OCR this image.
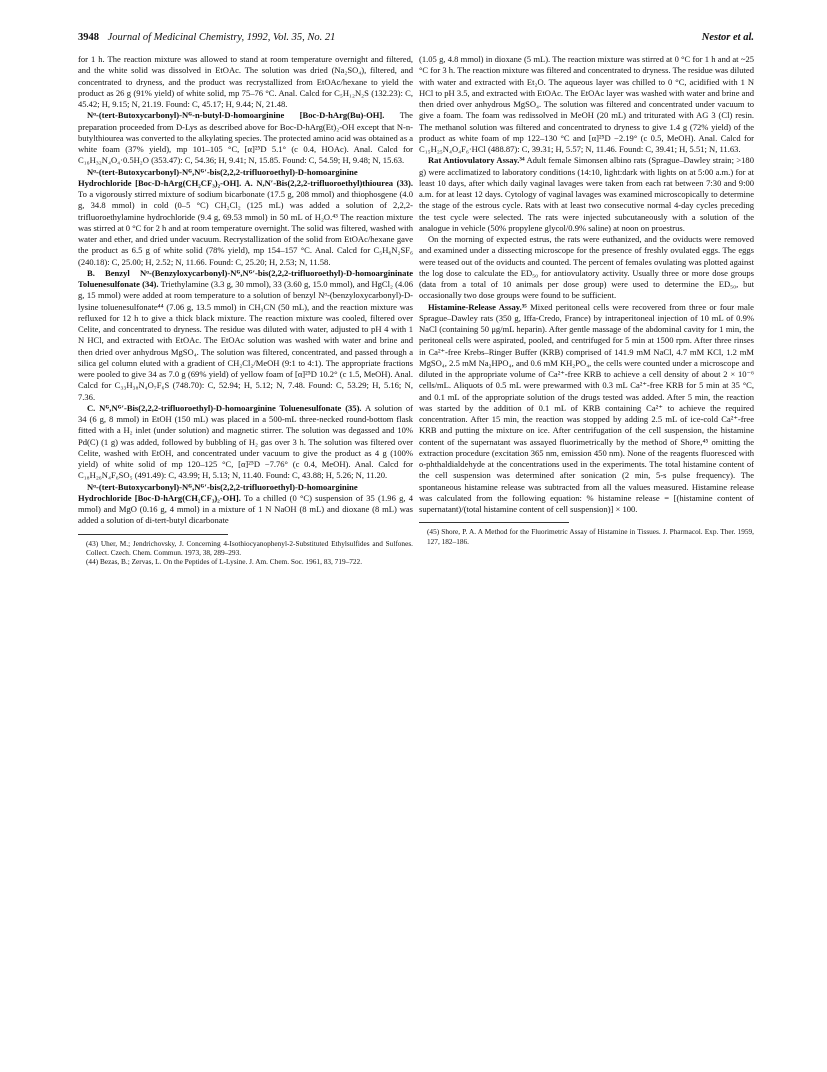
3948 Journal of Medicinal Chemistry, 1992, Vol. 35, No. 21	Nestor et al.

for 1 h. The reaction mixture was allowed to stand at room temperature overnight and filtered, and the white solid was dissolved in EtOAc. The solution was dried (Na₂SO₄), filtered, and concentrated to dryness, and the product was recrystallized from EtOAc/hexane to yield the product as 26 g (91% yield) of white solid, mp 75–76 °C. Anal. Calcd for C₅H₁₂N₂S (132.23): C, 45.42; H, 9.15; N, 21.19. Found: C, 45.17; H, 9.44; N, 21.48.

Nᵅ-(tert-Butoxycarbonyl)-Nᴳ-n-butyl-D-homoarginine [Boc-D-hArg(Bu)-OH]. The preparation proceeded from D-Lys as described above for Boc-D-hArg(Et)₂-OH except that N-n-butylthiourea was converted to the alkylating species. The protected amino acid was obtained as a white foam (37% yield), mp 101–105 °C, [α]²⁵D 5.1° (c 0.4, HOAc). Anal. Calcd for C₁₆H₃₂N₄O₄·0.5H₂O (353.47): C, 54.36; H, 9.41; N, 15.85. Found: C, 54.59; H, 9.48; N, 15.63.

Nᵅ-(tert-Butoxycarbonyl)-Nᴳ,Nᴳ′-bis(2,2,2-trifluoroethyl)-D-homoarginine Hydrochloride [Boc-D-hArg(CH₂CF₃)₂-OH]. A. N,N′-Bis(2,2,2-trifluoroethyl)thiourea (33). To a vigorously stirred mixture of sodium bicarbonate (17.5 g, 208 mmol) and thiophosgene (4.0 g, 34.8 mmol) in cold (0–5 °C) CH₂Cl₂ (125 mL) was added a solution of 2,2,2-trifluoroethylamine hydrochloride (9.4 g, 69.53 mmol) in 50 mL of H₂O.⁴³ The reaction mixture was stirred at 0 °C for 2 h and at room temperature overnight. The solid was filtered, washed with water and ether, and dried under vacuum. Recrystallization of the solid from EtOAc/hexane gave the product as 6.5 g of white solid (78% yield), mp 154–157 °C. Anal. Calcd for C₅H₆N₂SF₆ (240.18): C, 25.00; H, 2.52; N, 11.66. Found: C, 25.20; H, 2.53; N, 11.58.

B. Benzyl Nᵅ-(Benzyloxycarbonyl)-Nᴳ,Nᴳ′-bis(2,2,2-trifluoroethyl)-D-homoargininate Toluenesulfonate (34). Triethylamine (3.3 g, 30 mmol), 33 (3.60 g, 15.0 mmol), and HgCl₂ (4.06 g, 15 mmol) were added at room temperature to a solution of benzyl Nᵅ-(benzyloxycarbonyl)-D-lysine toluenesulfonate⁴⁴ (7.06 g, 13.5 mmol) in CH₃CN (50 mL), and the reaction mixture was refluxed for 12 h to give a thick black mixture. The reaction mixture was cooled, filtered over Celite, and concentrated to dryness. The residue was diluted with water, adjusted to pH 4 with 1 N HCl, and extracted with EtOAc. The EtOAc solution was washed with water and brine and then dried over anhydrous MgSO₄. The solution was filtered, concentrated, and passed through a silica gel column eluted with a gradient of CH₂Cl₂/MeOH (9:1 to 4:1). The appropriate fractions were pooled to give 34 as 7.0 g (69% yield) of yellow foam of [α]²⁵D 10.2° (c 1.5, MeOH). Anal. Calcd for C₃₃H₃₈N₄O₇F₆S (748.70): C, 52.94; H, 5.12; N, 7.48. Found: C, 53.29; H, 5.16; N, 7.36.

C. Nᴳ,Nᴳ′-Bis(2,2,2-trifluoroethyl)-D-homoarginine Toluenesulfonate (35). A solution of 34 (6 g, 8 mmol) in EtOH (150 mL) was placed in a 500-mL three-necked round-bottom flask fitted with a H₂ inlet (under solution) and magnetic stirrer. The solution was degassed and 10% Pd(C) (1 g) was added, followed by bubbling of H₂ gas over 3 h. The solution was filtered over Celite, washed with EtOH, and concentrated under vacuum to give the product as 4 g (100% yield) of white solid of mp 120–125 °C, [α]²⁵D −7.76° (c 0.4, MeOH). Anal. Calcd for C₁₈H₂₆N₄F₆SO₅ (491.49): C, 43.99; H, 5.13; N, 11.40. Found: C, 43.88; H, 5.26; N, 11.20.

Nᵅ-(tert-Butoxycarbonyl)-Nᴳ,Nᴳ′-bis(2,2,2-trifluoroethyl)-D-homoarginine Hydrochloride [Boc-D-hArg(CH₂CF₃)₂-OH]. To a chilled (0 °C) suspension of 35 (1.96 g, 4 mmol) and MgO (0.16 g, 4 mmol) in a mixture of 1 N NaOH (8 mL) and dioxane (8 mL) was added a solution of di-tert-butyl dicarbonate

(43) Uher, M.; Jendrichovsky, J. Concerning 4-Isothiocyanophenyl-2-Substituted Ethylsulfides and Sulfones. Collect. Czech. Chem. Commun. 1973, 38, 289–293.

(44) Bezas, B.; Zervas, L. On the Peptides of L-Lysine. J. Am. Chem. Soc. 1961, 83, 719–722.

(1.05 g, 4.8 mmol) in dioxane (5 mL). The reaction mixture was stirred at 0 °C for 1 h and at ~25 °C for 3 h. The reaction mixture was filtered and concentrated to dryness. The residue was diluted with water and extracted with Et₂O. The aqueous layer was chilled to 0 °C, acidified with 1 N HCl to pH 3.5, and extracted with EtOAc. The EtOAc layer was washed with water and brine and then dried over anhydrous MgSO₄. The solution was filtered and concentrated under vacuum to give a foam. The foam was redissolved in MeOH (20 mL) and triturated with AG 3 (Cl) resin. The methanol solution was filtered and concentrated to dryness to give 1.4 g (72% yield) of the product as white foam of mp 122–130 °C and [α]²⁵D −2.19° (c 0.5, MeOH). Anal. Calcd for C₁₅H₂₅N₄O₄F₆·HCl (488.87): C, 39.31; H, 5.57; N, 11.46. Found: C, 39.41; H, 5.51; N, 11.63.

Rat Antiovulatory Assay.³⁴ Adult female Simonsen albino rats (Sprague–Dawley strain; >180 g) were acclimatized to laboratory conditions (14:10, light:dark with lights on at 5:00 a.m.) for at least 10 days, after which daily vaginal lavages were taken from each rat between 7:30 and 9:00 a.m. for at least 12 days. Cytology of vaginal lavages was examined microscopically to determine the stage of the estrous cycle. Rats with at least two consecutive normal 4-day cycles preceding the test cycle were selected. The rats were injected subcutaneously with a solution of the analogue in vehicle (50% propylene glycol/0.9% saline) at noon on proestrus.

On the morning of expected estrus, the rats were euthanized, and the oviducts were removed and examined under a dissecting microscope for the presence of freshly ovulated eggs. The eggs were teased out of the oviducts and counted. The percent of females ovulating was plotted against the log dose to calculate the ED₅₀ for antiovulatory activity. Usually three or more dose groups (data from a total of 10 animals per dose group) were used to determine the ED₅₀, but occasionally two dose groups were found to be sufficient.

Histamine-Release Assay.³⁵ Mixed peritoneal cells were recovered from three or four male Sprague–Dawley rats (350 g, Iffa-Credo, France) by intraperitoneal injection of 10 mL of 0.9% NaCl (containing 50 μg/mL heparin). After gentle massage of the abdominal cavity for 1 min, the peritoneal cells were aspirated, pooled, and centrifuged for 5 min at 1500 rpm. After three rinses in Ca²⁺-free Krebs–Ringer Buffer (KRB) comprised of 141.9 mM NaCl, 4.7 mM KCl, 1.2 mM MgSO₄, 2.5 mM Na₂HPO₄, and 0.6 mM KH₂PO₄, the cells were counted under a microscope and diluted in the appropriate volume of Ca²⁺-free KRB to achieve a cell density of about 2 × 10⁻⁶ cells/mL. Aliquots of 0.5 mL were prewarmed with 0.3 mL Ca²⁺-free KRB for 5 min at 35 °C, and 0.1 mL of the appropriate solution of the drugs tested was added. After 5 min, the reaction was started by the addition of 0.1 mL of KRB containing Ca²⁺ to achieve the required concentration. After 15 min, the reaction was stopped by adding 2.5 mL of ice-cold Ca²⁺-free KRB and putting the mixture on ice. After centrifugation of the cell suspension, the histamine content of the supernatant was assayed fluorimetrically by the method of Shore,⁴⁵ omitting the extraction procedure (excitation 365 nm, emission 450 nm). None of the reagents fluoresced with o-phthaldialdehyde at the concentrations used in the experiments. The total histamine content of the cell suspension was determined after sonication (2 min, 5-s pulse frequency). The spontaneous histamine release was subtracted from all the values measured. Histamine release was calculated from the following equation: % histamine release = [(histamine content of supernatant)/(total histamine content of cell suspension)] × 100.

(45) Shore, P. A. A Method for the Fluorimetric Assay of Histamine in Tissues. J. Pharmacol. Exp. Ther. 1959, 127, 182–186.
